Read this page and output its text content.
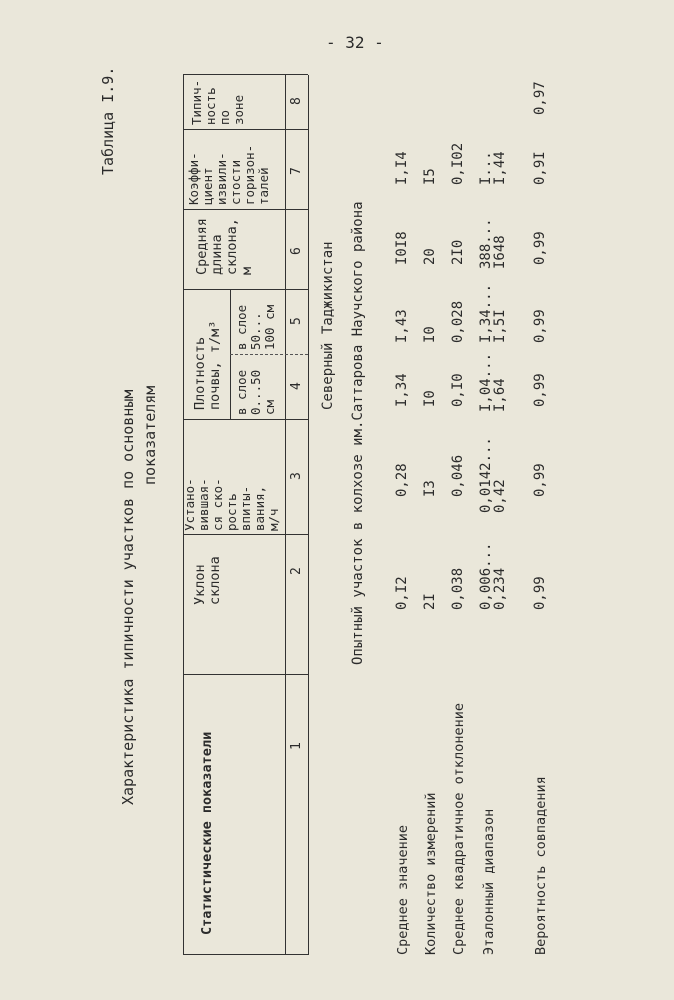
- 32 -
Характеристика типичности участков по основным показателям
Таблица I.9.
Статистические показатели
Уклон
склона
Устано-
вившая-
ся ско-
рость
впиты-
вания,
м/ч
Плотность
почвы, т/м³
в слое
0...50
см
в слое
50...
100 см
Средняя
длина
склона,
м
Коэффи-
циент
извили-
стости
горизон-
талей
Типич-
ность
по
зоне
1
2
3
4
5
6
7
8
Северный Таджикистан Опытный участок в колхозе им.Саттарова Научского района
Среднее значение Количество измерений Среднее квадратичное отклонение Эталонный диапазон	Вероятность совпадения
0,I2
0,28
I,34
I,43
I0I8
I,I4
2I
I3
I0
I0
20
I5
0,038
0,046
0,I0
0,028
2I0
0,I02
0,006...
0,234
0,0142...
0,42
I,04...
I,64
I,34...
I,5I
388...
I648
I...
I,44
0,99
0,99
0,99
0,99
0,99
0,9I
0,97
